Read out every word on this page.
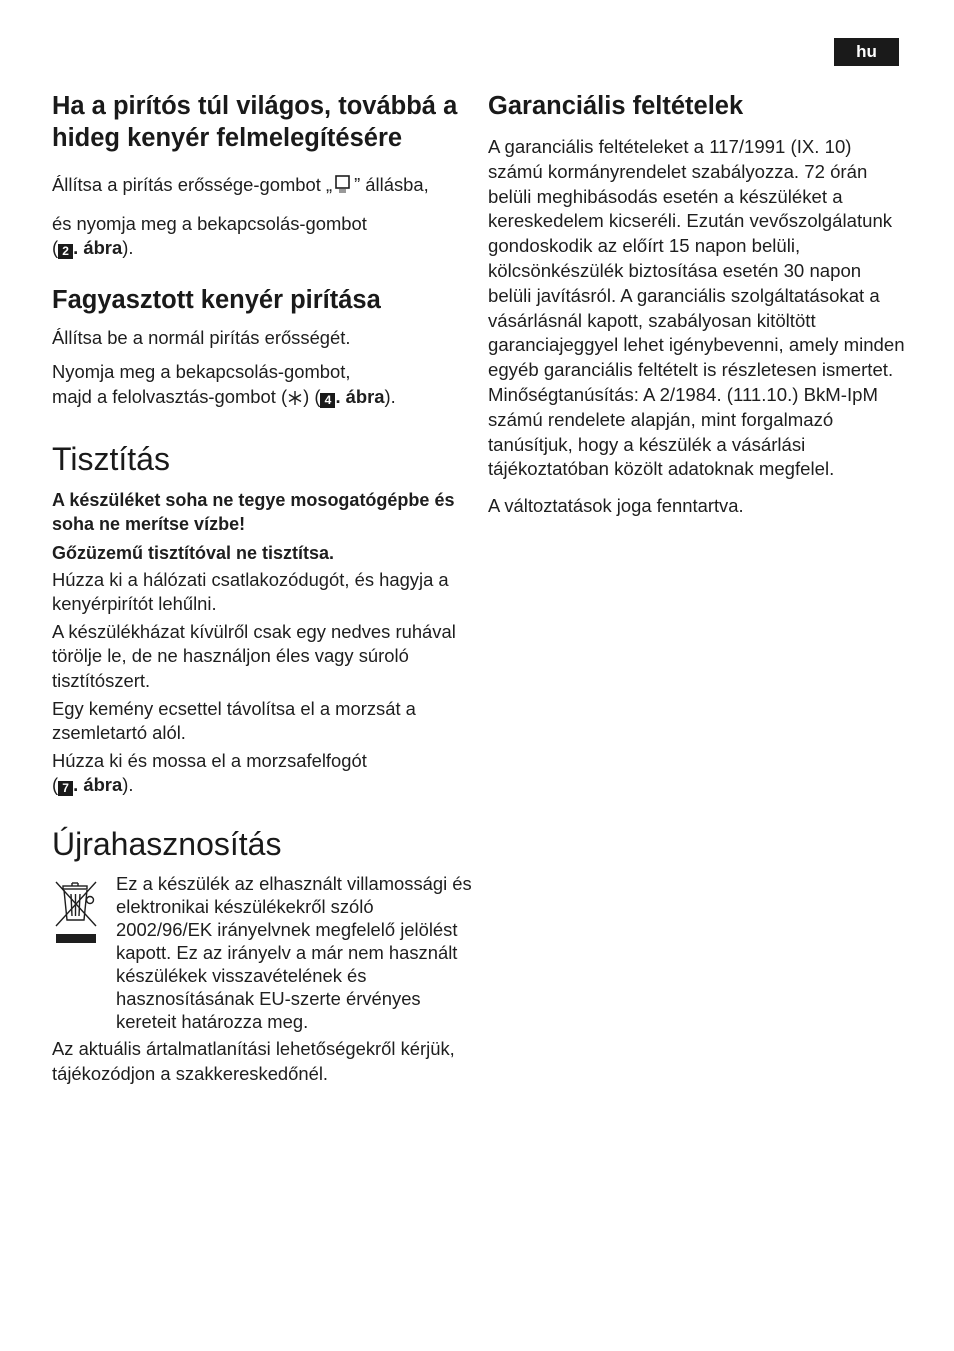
hu
Ha a pirítós túl világos, továbbá a hideg kenyér felmelegítésére

Állítsa a pirítás erőssége-gombot „ ” állásba,

és nyomja meg a bekapcsolás-gombot
( 2 . ábra).

Fagyasztott kenyér pirítása

Állítsa be a normál pirítás erősségét.

Nyomja meg a bekapcsolás-gombot,
majd a felolvasztás-gombot ( ) ( 4 . ábra).

Tisztítás

A készüléket soha ne tegye mosogatógépbe és soha ne merítse vízbe!

Gőzüzemű tisztítóval ne tisztítsa.

Húzza ki a hálózati csatlakozódugót, és hagyja a kenyérpirítót lehűlni.

A készülékházat kívülről csak egy nedves ruhával törölje le, de ne használjon éles vagy súroló tisztítószert.

Egy kemény ecsettel távolítsa el a morzsát a zsemletartó alól.

Húzza ki és mossa el a morzsafelfogót
( 7 . ábra).

Újrahasznosítás

Ez a készülék az elhasznált villamossági és elektronikai készülékekről szóló 2002/96/EK irányelvnek megfelelő jelölést kapott. Ez az irányelv a már nem használt készülékek visszavételének és hasznosításának EU-szerte érvényes kereteit határozza meg.

Az aktuális ártalmatlanítási lehetőségekről kérjük, tájékozódjon a szakkereskedőnél.

Garanciális feltételek

A garanciális feltételeket a 117/1991 (IX. 10) számú kormányrendelet szabályozza. 72 órán belüli meghibásodás esetén a készüléket a kereskedelem kicseréli. Ezután vevőszolgálatunk gondoskodik az előírt 15 napon belüli, kölcsönkészülék biztosítása esetén 30 napon belüli javításról. A garanciális szolgáltatásokat a vásárlásnál kapott, szabályosan kitöltött garanciajeggyel lehet igénybevenni, amely minden egyéb garanciális feltételt is részletesen ismertet. Minőségtanúsítás: A 2/1984. (111.10.) BkM-IpM számú rendelete alapján, mint forgalmazó tanúsítjuk, hogy a készülék a vásárlási tájékoztatóban közölt adatoknak megfelel.

A változtatások joga fenntartva.
